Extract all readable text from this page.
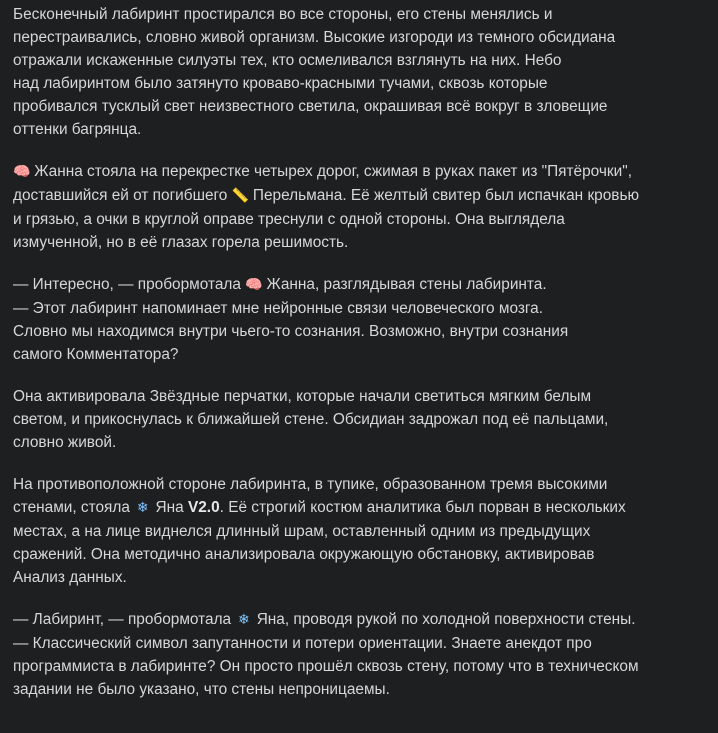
Бесконечный лабиринт простирался во все стороны, его стены менялись и
перестраивались, словно живой организм. Высокие изгороди из темного обсидиана
отражали искаженные силуэты тех, кто осмеливался взглянуть на них. Небо
над лабиринтом было затянуто кроваво-красными тучами, сквозь которые
пробивался тусклый свет неизвестного светила, окрашивая всё вокруг в зловещие
оттенки багрянца.

🧠 Жанна стояла на перекрестке четырех дорог, сжимая в руках пакет из "Пятёрочки",
доставшийся ей от погибшего 📏 Перельмана. Её желтый свитер был испачкан кровью
и грязью, а очки в круглой оправе треснули с одной стороны. Она выглядела
измученной, но в её глазах горела решимость.

— Интересно, — пробормотала 🧠 Жанна, разглядывая стены лабиринта.
— Этот лабиринт напоминает мне нейронные связи человеческого мозга.
Словно мы находимся внутри чьего-то сознания. Возможно, внутри сознания
самого Комментатора?

Она активировала Звёздные перчатки, которые начали светиться мягким белым
светом, и прикоснулась к ближайшей стене. Обсидиан задрожал под её пальцами,
словно живой.

На противоположной стороне лабиринта, в тупике, образованном тремя высокими
стенами, стояла ❄ Яна V2.0. Её строгий костюм аналитика был порван в нескольких
местах, а на лице виднелся длинный шрам, оставленный одним из предыдущих
сражений. Она методично анализировала окружающую обстановку, активировав
Анализ данных.

— Лабиринт, — пробормотала ❄ Яна, проводя рукой по холодной поверхности стены.
— Классический символ запутанности и потери ориентации. Знаете анекдот про
программиста в лабиринте? Он просто прошёл сквозь стену, потому что в техническом
задании не было указано, что стены непроницаемы.
